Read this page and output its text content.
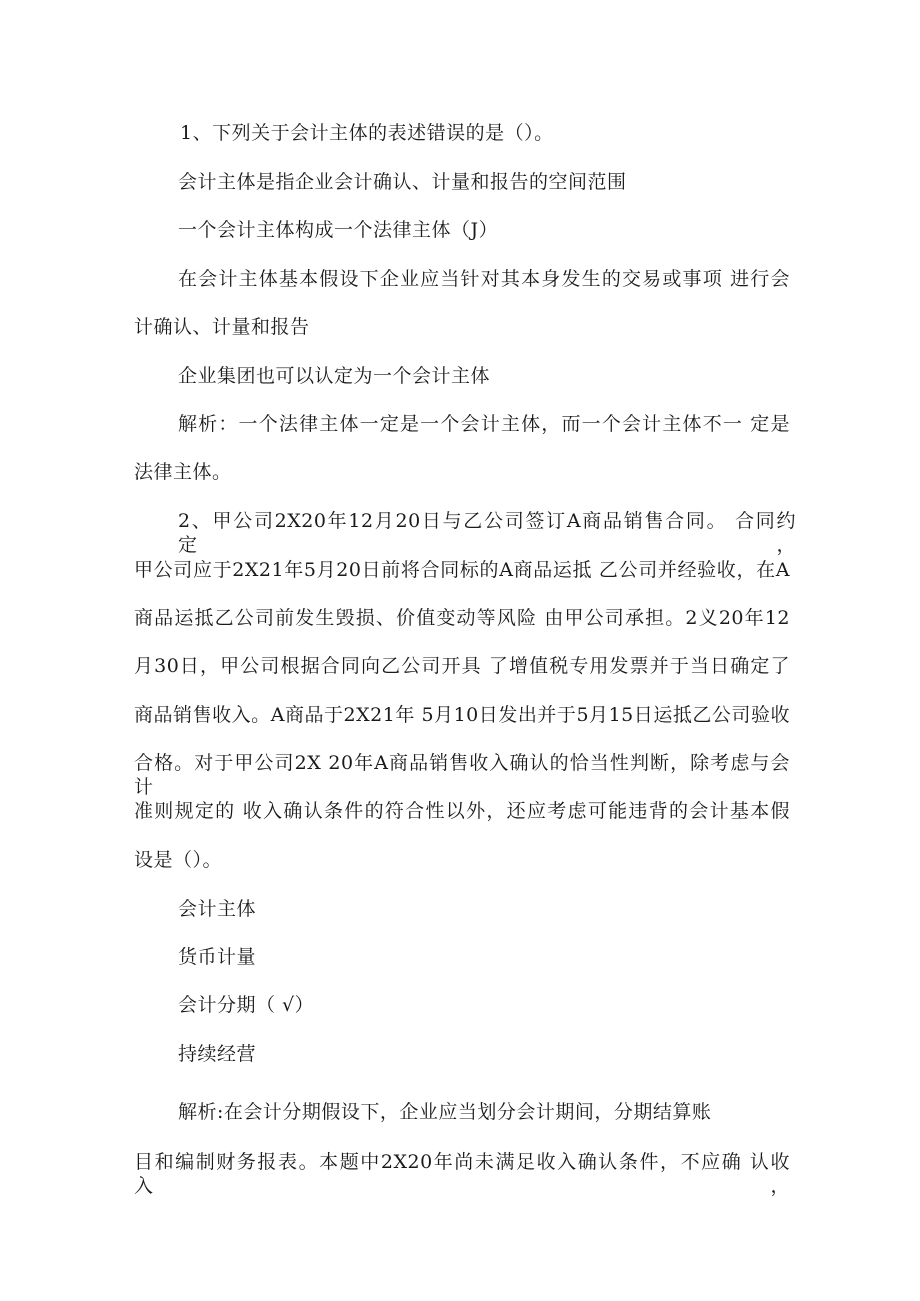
1、下列关于会计主体的表述错误的是（）。
会计主体是指企业会计确认、计量和报告的空间范围
一个会计主体构成一个法律主体（J）
在会计主体基本假设下企业应当针对其本身发生的交易或事项 进行会
计确认、计量和报告
企业集团也可以认定为一个会计主体
解析：一个法律主体一定是一个会计主体，而一个会计主体不一 定是
法律主体。
2、甲公司2X20年12月20日与乙公司签订A商品销售合同。 合同约定，
甲公司应于2X21年5月20日前将合同标的A商品运抵 乙公司并经验收，在A
商品运抵乙公司前发生毁损、价值变动等风险 由甲公司承担。2义20年12
月30日，甲公司根据合同向乙公司开具 了增值税专用发票并于当日确定了
商品销售收入。A商品于2X21年 5月10日发出并于5月15日运抵乙公司验收
合格。对于甲公司2X 20年A商品销售收入确认的恰当性判断，除考虑与会计
准则规定的 收入确认条件的符合性以外，还应考虑可能违背的会计基本假
设是（）。
会计主体
货币计量
会计分期（ √）
持续经营
解析:在会计分期假设下，企业应当划分会计期间，分期结算账
目和编制财务报表。本题中2X20年尚未满足收入确认条件，不应确 认收入，
